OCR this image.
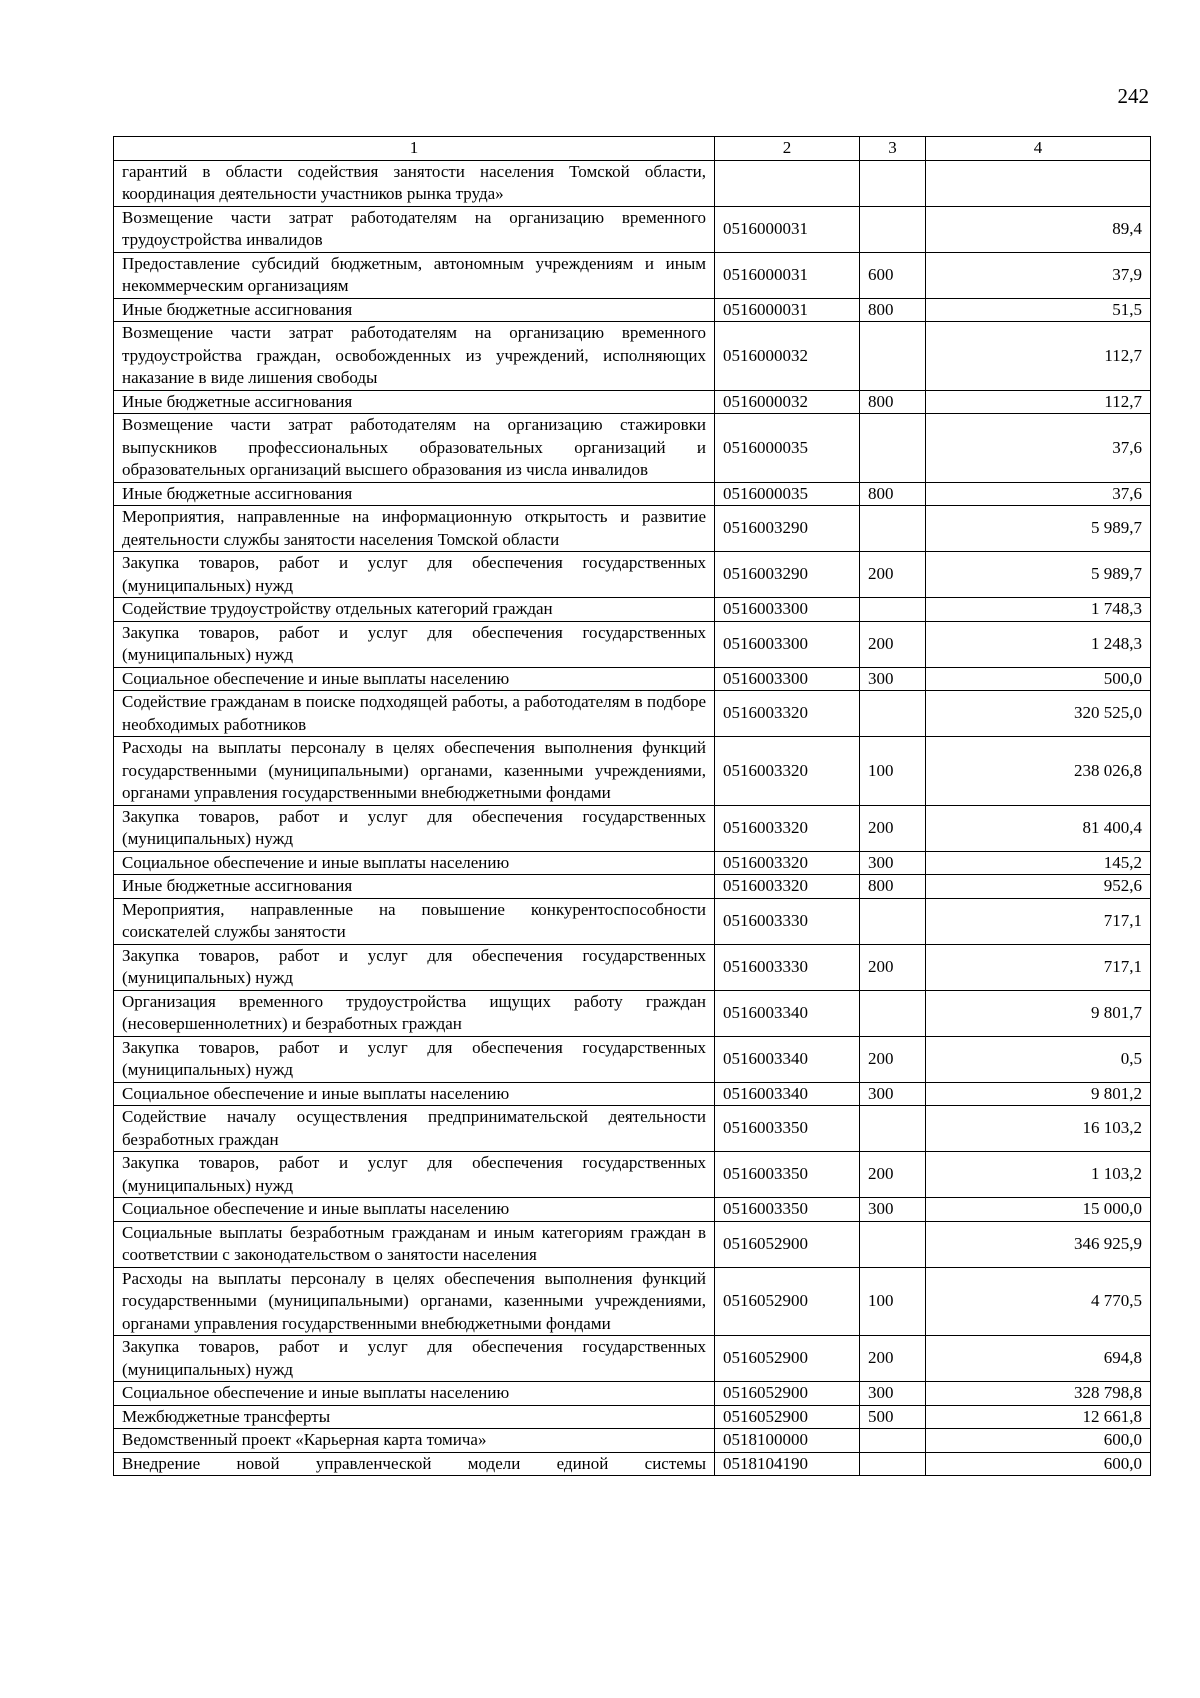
242
1	2	3	4
гарантий в области содействия занятости населения Томской области, координация деятельности участников рынка труда»			
Возмещение части затрат работодателям на организацию временного трудоустройства инвалидов	0516000031		89,4
Предоставление субсидий бюджетным, автономным учреждениям и иным некоммерческим организациям	0516000031	600	37,9
Иные бюджетные ассигнования	0516000031	800	51,5
Возмещение части затрат работодателям на организацию временного трудоустройства граждан, освобожденных из учреждений, исполняющих наказание в виде лишения свободы	0516000032		112,7
Иные бюджетные ассигнования	0516000032	800	112,7
Возмещение части затрат работодателям на организацию стажировки выпускников профессиональных образовательных организаций и образовательных организаций высшего образования из числа инвалидов	0516000035		37,6
Иные бюджетные ассигнования	0516000035	800	37,6
Мероприятия, направленные на информационную открытость и развитие деятельности службы занятости населения Томской области	0516003290		5 989,7
Закупка товаров, работ и услуг для обеспечения государственных (муниципальных) нужд	0516003290	200	5 989,7
Содействие трудоустройству отдельных категорий граждан	0516003300		1 748,3
Закупка товаров, работ и услуг для обеспечения государственных (муниципальных) нужд	0516003300	200	1 248,3
Социальное обеспечение и иные выплаты населению	0516003300	300	500,0
Содействие гражданам в поиске подходящей работы, а работодателям в подборе необходимых работников	0516003320		320 525,0
Расходы на выплаты персоналу в целях обеспечения выполнения функций государственными (муниципальными) органами, казенными учреждениями, органами управления государственными внебюджетными фондами	0516003320	100	238 026,8
Закупка товаров, работ и услуг для обеспечения государственных (муниципальных) нужд	0516003320	200	81 400,4
Социальное обеспечение и иные выплаты населению	0516003320	300	145,2
Иные бюджетные ассигнования	0516003320	800	952,6
Мероприятия, направленные на повышение конкурентоспособности соискателей службы занятости	0516003330		717,1
Закупка товаров, работ и услуг для обеспечения государственных (муниципальных) нужд	0516003330	200	717,1
Организация временного трудоустройства ищущих работу граждан (несовершеннолетних) и безработных граждан	0516003340		9 801,7
Закупка товаров, работ и услуг для обеспечения государственных (муниципальных) нужд	0516003340	200	0,5
Социальное обеспечение и иные выплаты населению	0516003340	300	9 801,2
Содействие началу осуществления предпринимательской деятельности безработных граждан	0516003350		16 103,2
Закупка товаров, работ и услуг для обеспечения государственных (муниципальных) нужд	0516003350	200	1 103,2
Социальное обеспечение и иные выплаты населению	0516003350	300	15 000,0
Социальные выплаты безработным гражданам и иным категориям граждан в соответствии с законодательством о занятости населения	0516052900		346 925,9
Расходы на выплаты персоналу в целях обеспечения выполнения функций государственными (муниципальными) органами, казенными учреждениями, органами управления государственными внебюджетными фондами	0516052900	100	4 770,5
Закупка товаров, работ и услуг для обеспечения государственных (муниципальных) нужд	0516052900	200	694,8
Социальное обеспечение и иные выплаты населению	0516052900	300	328 798,8
Межбюджетные трансферты	0516052900	500	12 661,8
Ведомственный проект «Карьерная карта томича»	0518100000		600,0
Внедрение новой управленческой модели единой системы	0518104190		600,0
